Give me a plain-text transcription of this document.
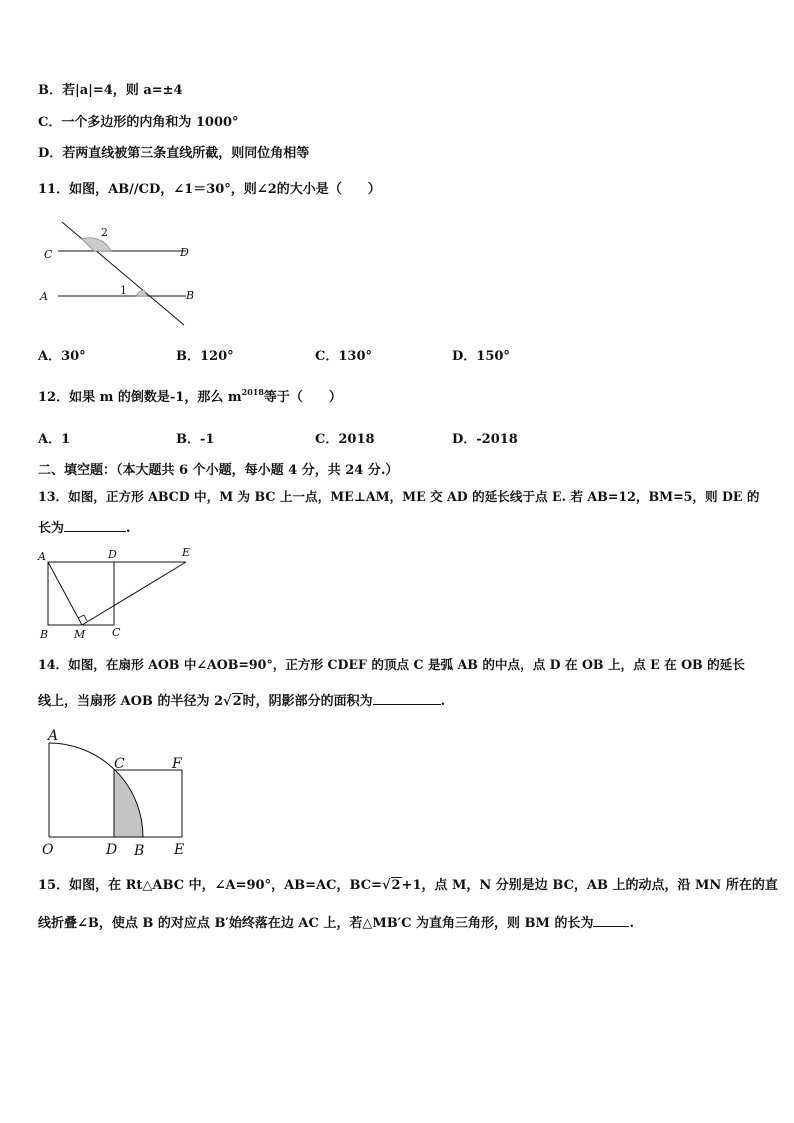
B．若|a|=4，则 a=±4
C．一个多边形的内角和为 1000°
D．若两直线被第三条直线所截，则同位角相等
11．如图，AB//CD，∠1＝30°，则∠2的大小是（　　）
C	D
A	B
1
2
A．30°	B．120°	C．130°	D．150°
12．如果 m 的倒数是-1，那么 $m^{2018}$等于（　　）
A．1	B．-1	C．2018	D．-2018
二、填空题：（本大题共 6 个小题，每小题 4 分，共 24 分.）
13．如图，正方形 ABCD 中，M 为 BC 上一点，ME⊥AM，ME 交 AD 的延长线于点 E. 若 AB=12，BM=5，则 DE 的
长为	.
A	D	E
B M C
14．如图，在扇形 AOB 中∠AOB=90°，正方形 CDEF 的顶点 C 是弧 AB 的中点，点 D 在 OB 上，点 E 在 OB 的延长
线上，当扇形 AOB 的半径为 2√2时，阴影部分的面积为	.
A
C	F
O	D B E
15．如图，在 Rt△ABC 中，∠A=90°，AB=AC，BC=√2+1，点 M，N 分别是边 BC，AB 上的动点，沿 MN 所在的直
线折叠∠B，使点 B 的对应点 B′始终落在边 AC 上，若△MB′C 为直角三角形，则 BM 的长为	.
